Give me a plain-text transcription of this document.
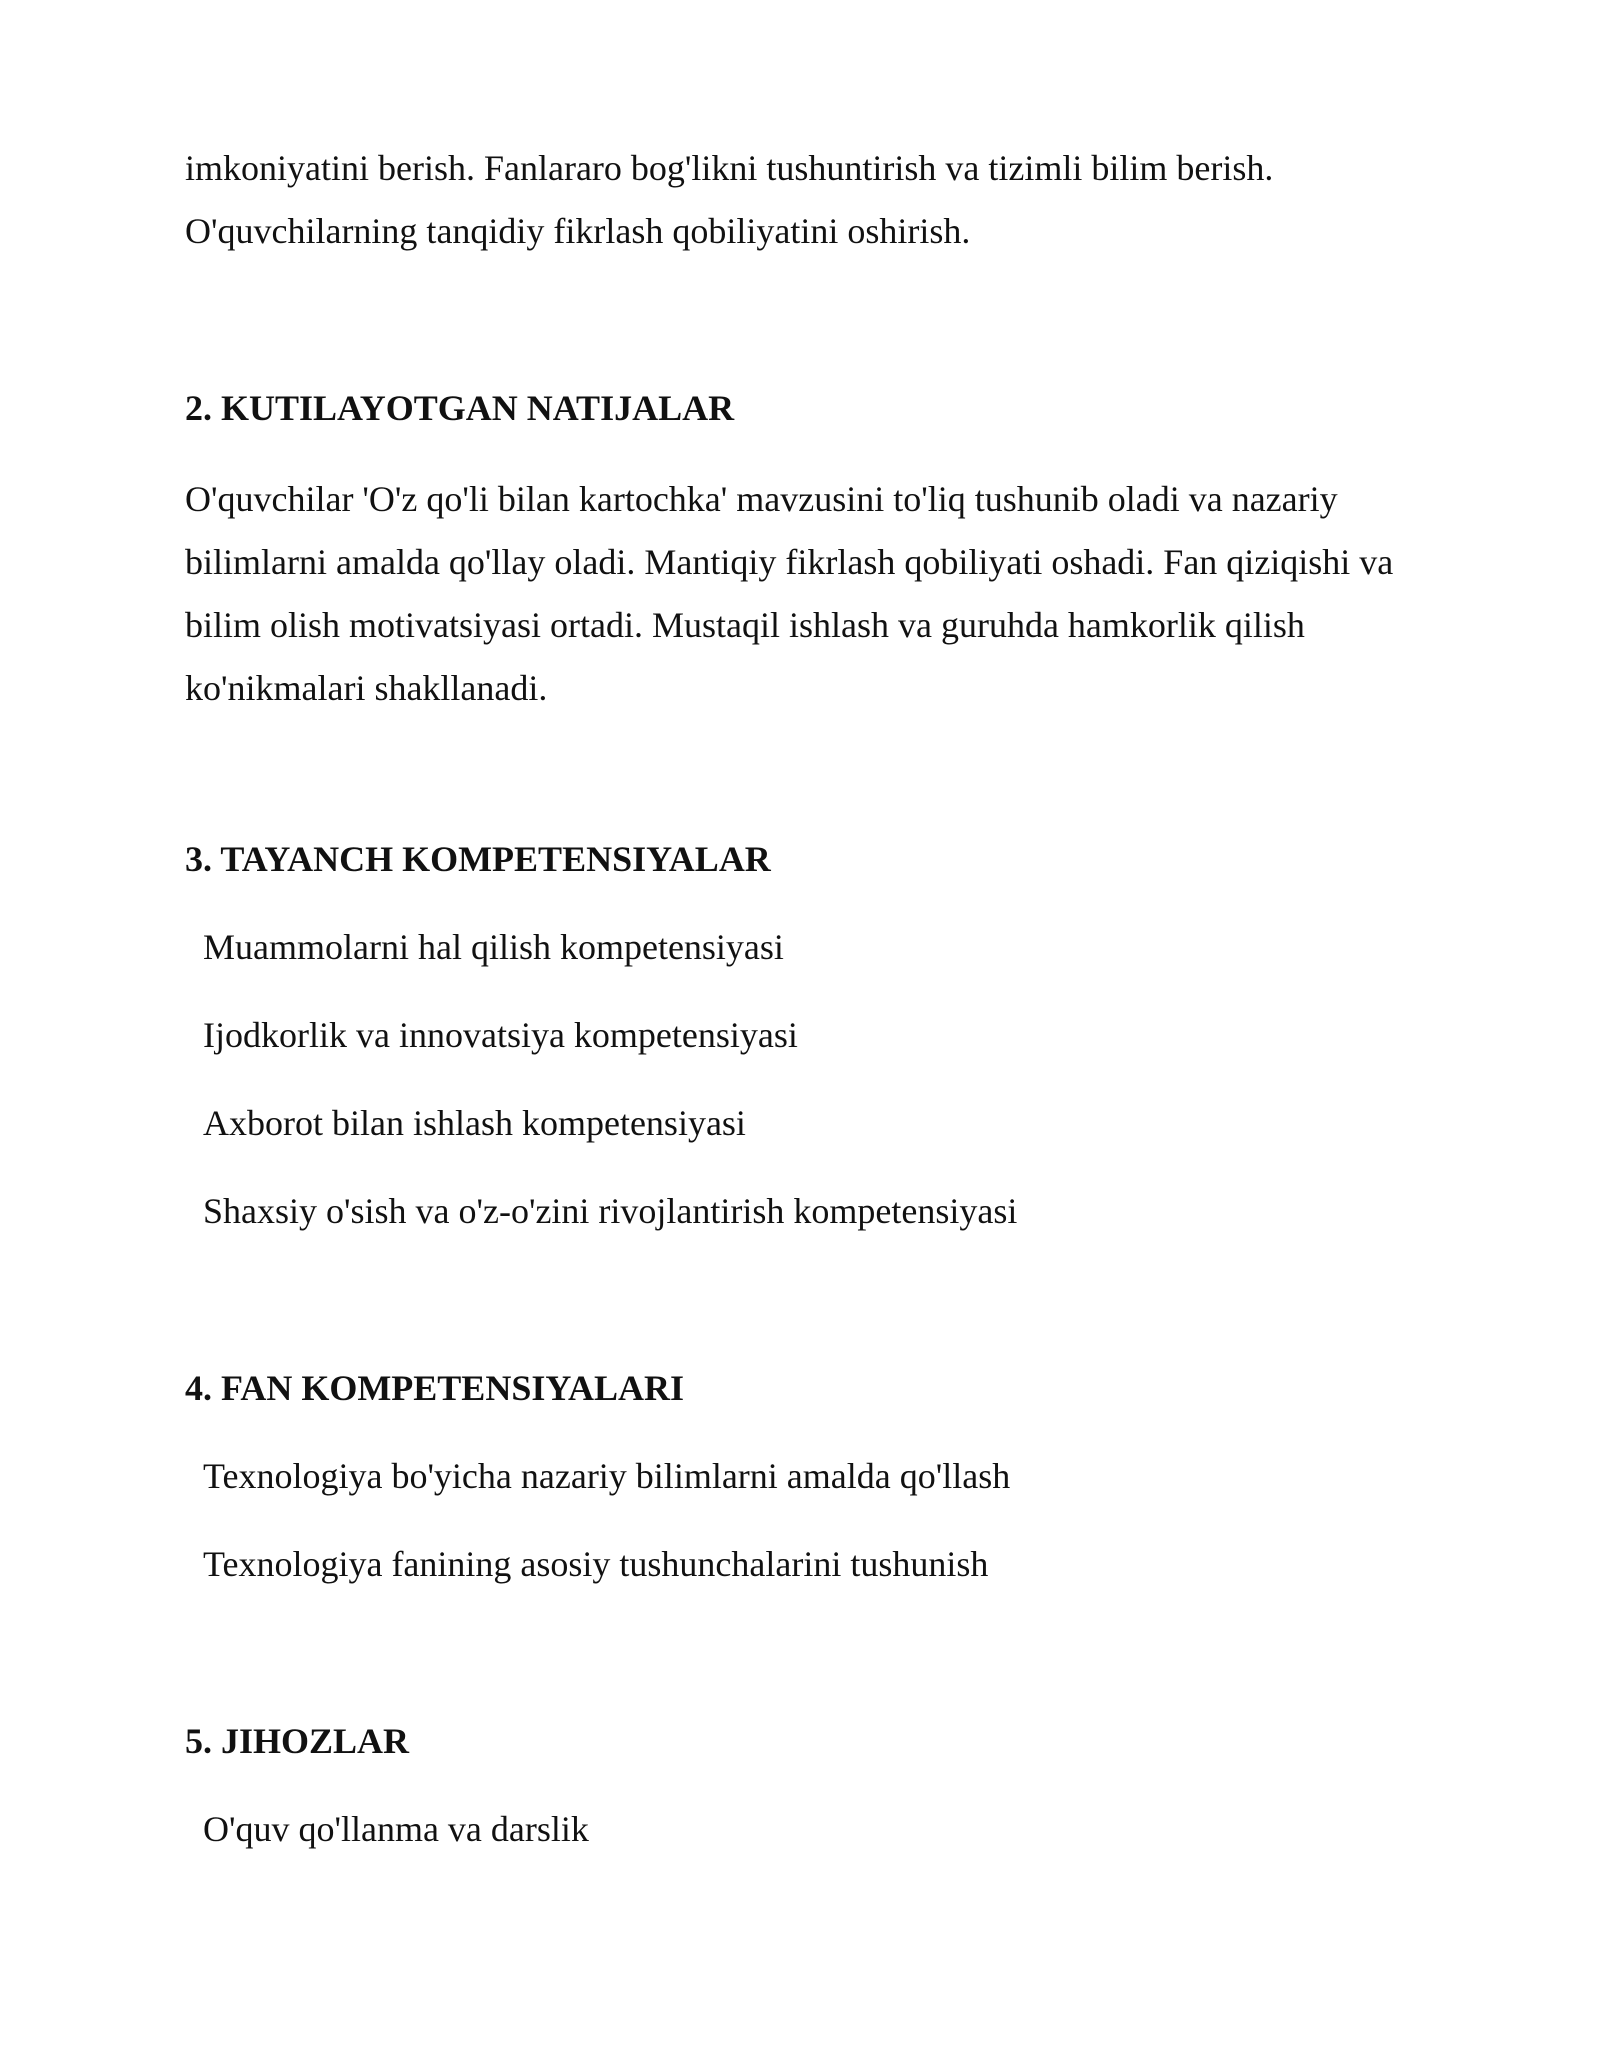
imkoniyatini berish. Fanlararo bog'likni tushuntirish va tizimli bilim berish.
O'quvchilarning tanqidiy fikrlash qobiliyatini oshirish.

2. KUTILAYOTGAN NATIJALAR

O'quvchilar 'O'z qo'li bilan kartochka' mavzusini to'liq tushunib oladi va nazariy
bilimlarni amalda qo'llay oladi. Mantiqiy fikrlash qobiliyati oshadi. Fan qiziqishi va
bilim olish motivatsiyasi ortadi. Mustaqil ishlash va guruhda hamkorlik qilish
ko'nikmalari shakllanadi.

3. TAYANCH KOMPETENSIYALAR

Muammolarni hal qilish kompetensiyasi

Ijodkorlik va innovatsiya kompetensiyasi

Axborot bilan ishlash kompetensiyasi

Shaxsiy o'sish va o'z-o'zini rivojlantirish kompetensiyasi

4. FAN KOMPETENSIYALARI

Texnologiya bo'yicha nazariy bilimlarni amalda qo'llash

Texnologiya fanining asosiy tushunchalarini tushunish

5. JIHOZLAR

O'quv qo'llanma va darslik
